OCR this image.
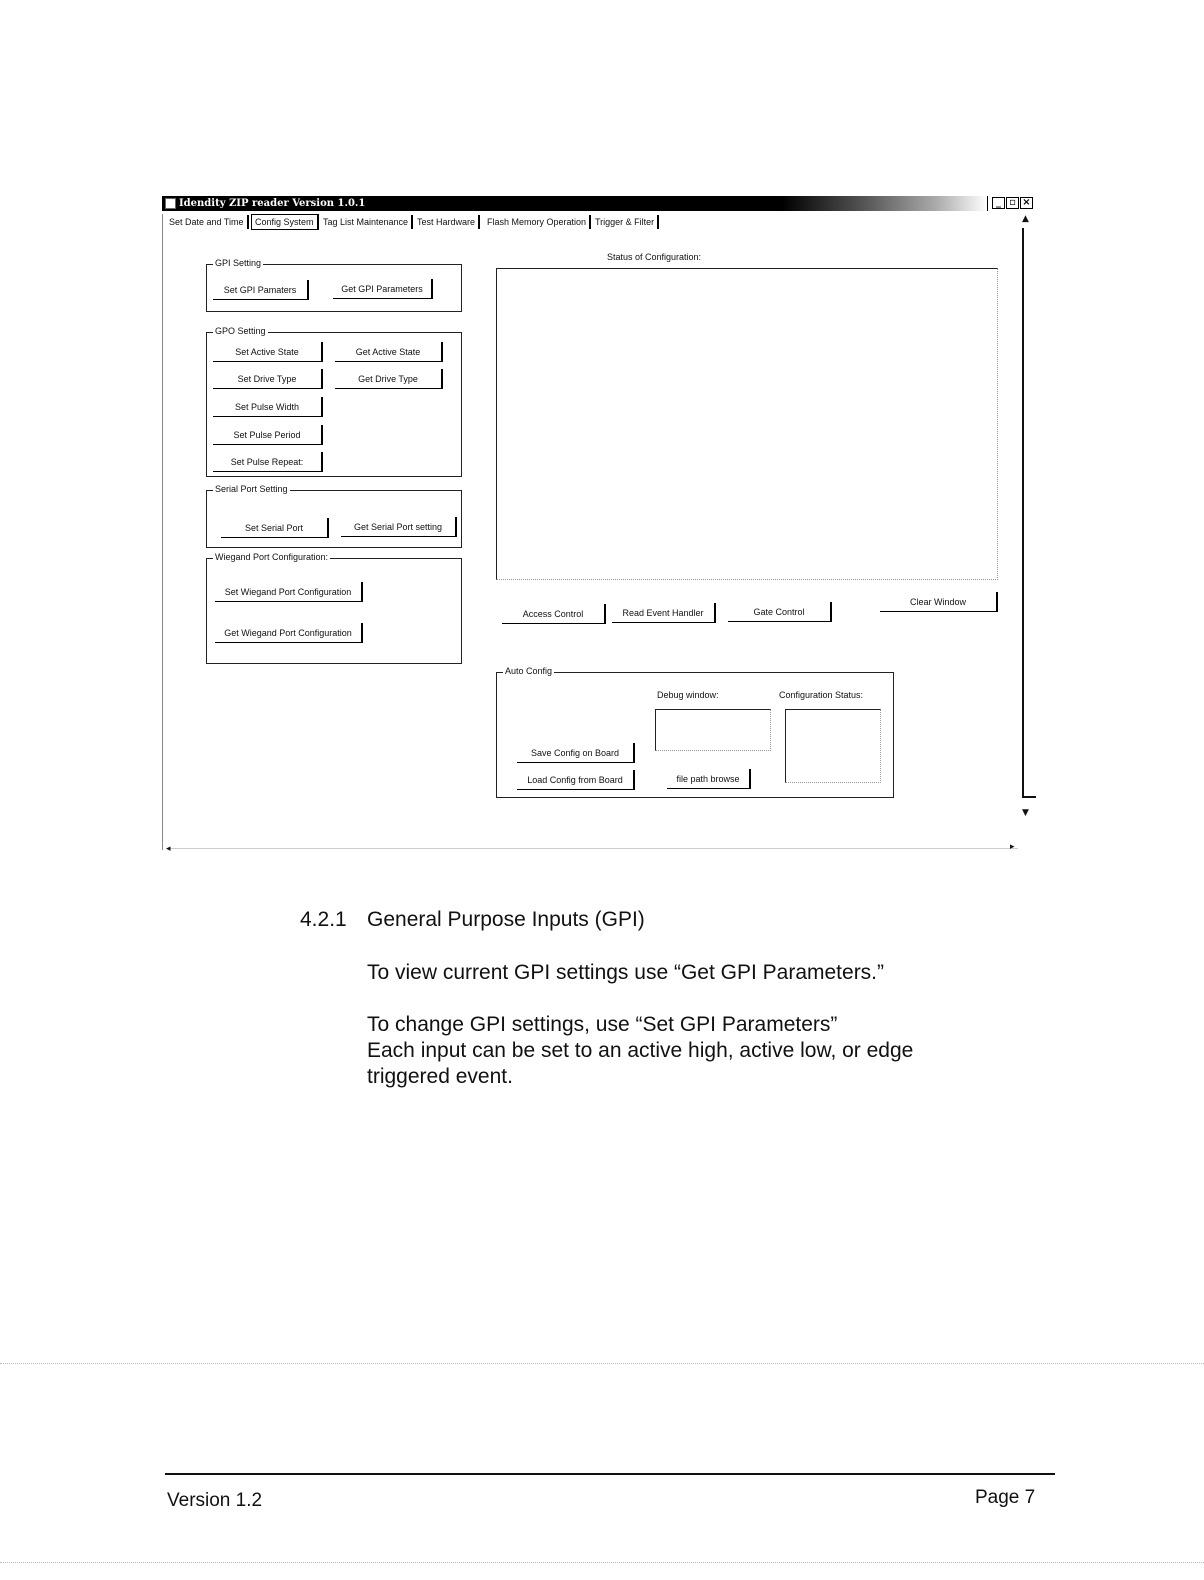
Idendity ZIP reader Version 1.0.1	_ ▫ ×
Set Date and Time	Config System	Tag List Maintenance Test Hardware	Flash Memory Operation Trigger & Filter	▲
▼
◂	▸
GPI Setting
Set GPI Pamaters	Get GPI Parameters
GPO Setting
Set Active State	Get Active State
Set Drive Type	Get Drive Type
Set Pulse Width
Set Pulse Period
Set Pulse Repeat:
Serial Port Setting
Set Serial Port	Get Serial Port setting
Wiegand Port Configuration:
Set Wiegand Port Configuration
Get Wiegand Port Configuration
Status of Configuration:
Access Control	Read Event Handler	Gate Control
Clear Window
Auto Config
Debug window:	Configuration Status:
Save Config on Board
Load Config from Board	file path browse
4.2.1 General Purpose Inputs (GPI)
To view current GPI settings use “Get GPI Parameters.”
To change GPI settings, use “Set GPI Parameters”
Each input can be set to an active high, active low, or edge triggered event.
Version 1.2	Page 7
